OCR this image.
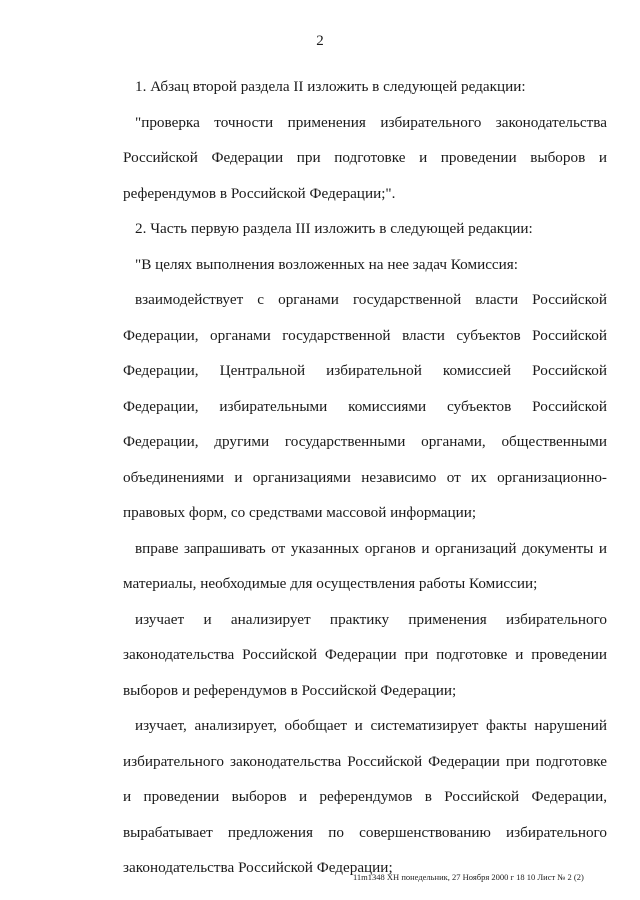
2

1. Абзац второй раздела II изложить в следующей редакции:

"проверка точности применения избирательного законодательства Российской Федерации при подготовке и проведении выборов и референдумов в Российской Федерации;".

2. Часть первую раздела III изложить в следующей редакции:

"В целях выполнения возложенных на нее задач Комиссия:

взаимодействует с органами государственной власти Российской Федерации, органами государственной власти субъектов Российской Федерации, Центральной избирательной комиссией Российской Федерации, избирательными комиссиями субъектов Российской Федерации, другими государственными органами, общественными объединениями и организациями независимо от их организационно-правовых форм, со средствами массовой информации;

вправе запрашивать от указанных органов и организаций документы и материалы, необходимые для осуществления работы Комиссии;

изучает и анализирует практику применения избирательного законодательства Российской Федерации при подготовке и проведении выборов и референдумов в Российской Федерации;

изучает, анализирует, обобщает и систематизирует факты нарушений избирательного законодательства Российской Федерации при подготовке и проведении выборов и референдумов в Российской Федерации, вырабатывает предложения по совершенствованию избирательного законодательства Российской Федерации;

11m1348 ХН понедельник, 27 Ноября 2000 г 18 10 Лист № 2 (2)
